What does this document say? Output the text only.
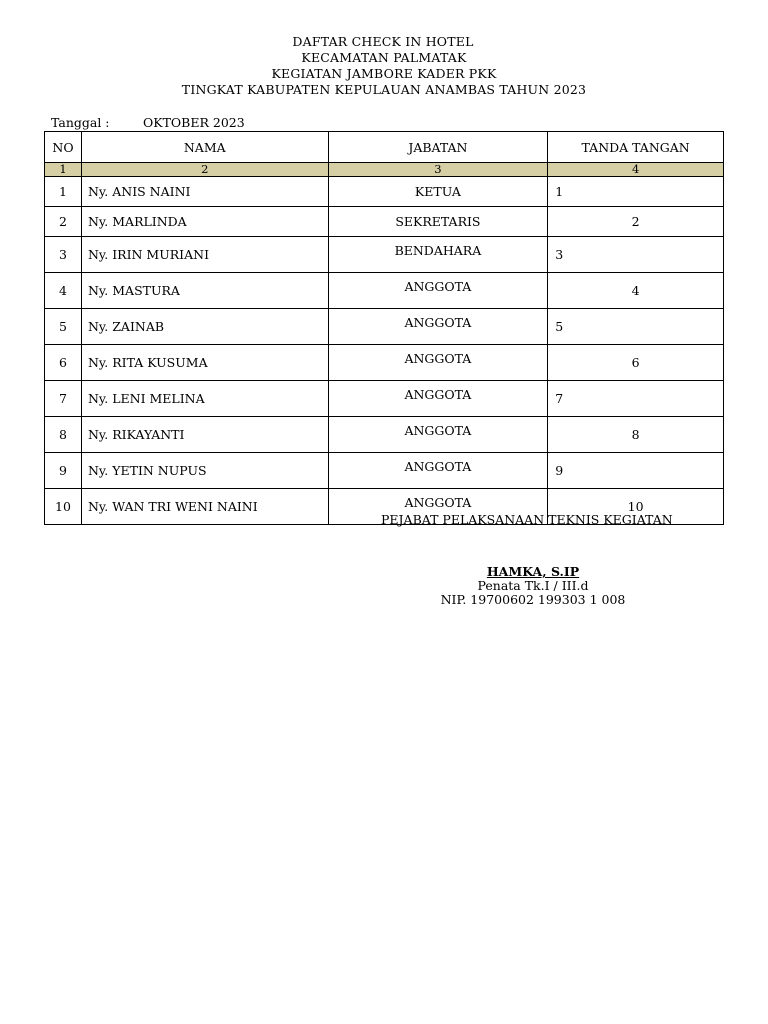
DAFTAR CHECK IN HOTEL
KECAMATAN PALMATAK
KEGIATAN JAMBORE KADER PKK
TINGKAT KABUPATEN KEPULAUAN ANAMBAS TAHUN 2023
Tanggal :	OKTOBER 2023
NO	NAMA	JABATAN	TANDA TANGAN
1	2	3	4
1	Ny. ANIS NAINI	KETUA	1

2	Ny. MARLINDA	SEKRETARIS	2

3	Ny. IRIN MURIANI	BENDAHARA	3

4	Ny. MASTURA	ANGGOTA	4

5	Ny. ZAINAB	ANGGOTA	5

6	Ny. RITA KUSUMA	ANGGOTA	6

7	Ny. LENI MELINA	ANGGOTA	7

8	Ny. RIKAYANTI	ANGGOTA	8

9	Ny. YETIN NUPUS	ANGGOTA	9

10	Ny. WAN TRI WENI NAINI	ANGGOTA	10
PEJABAT PELAKSANAAN TEKNIS KEGIATAN
HAMKA, S.IP
Penata Tk.I / III.d
NIP. 19700602 199303 1 008
